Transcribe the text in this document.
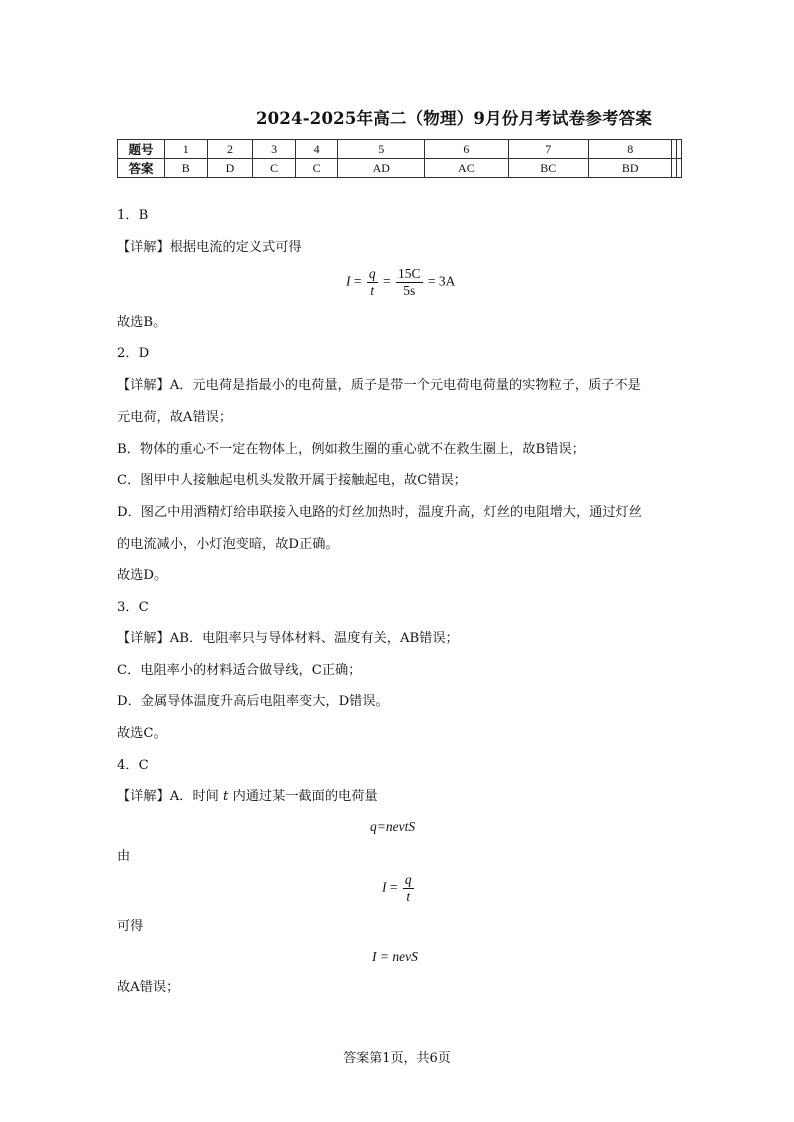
2024-2025年高二（物理）9月份月考试卷参考答案
题号	1	2	3	4	5	6	7	8		
答案	B	D	C	C	AD	AC	BC	BD		
1．B
【详解】根据电流的定义式可得
$I = \frac{q}{t} = \frac{15C}{5s} = 3A$
故选B。
2．D
【详解】A．元电荷是指最小的电荷量，质子是带一个元电荷电荷量的实物粒子，质子不是
元电荷，故A错误；
B．物体的重心不一定在物体上，例如救生圈的重心就不在救生圈上，故B错误；
C．图甲中人接触起电机头发散开属于接触起电，故C错误；
D．图乙中用酒精灯给串联接入电路的灯丝加热时，温度升高，灯丝的电阻增大，通过灯丝
的电流减小，小灯泡变暗，故D正确。
故选D。
3．C
【详解】AB．电阻率只与导体材料、温度有关，AB错误；
C．电阻率小的材料适合做导线，C正确；
D．金属导体温度升高后电阻率变大，D错误。
故选C。
4．C
【详解】A．时间 t 内通过某一截面的电荷量
q=nevtS
由
$I = \frac{q}{t}$
可得
I = nevS
故A错误；
答案第1页，共6页
